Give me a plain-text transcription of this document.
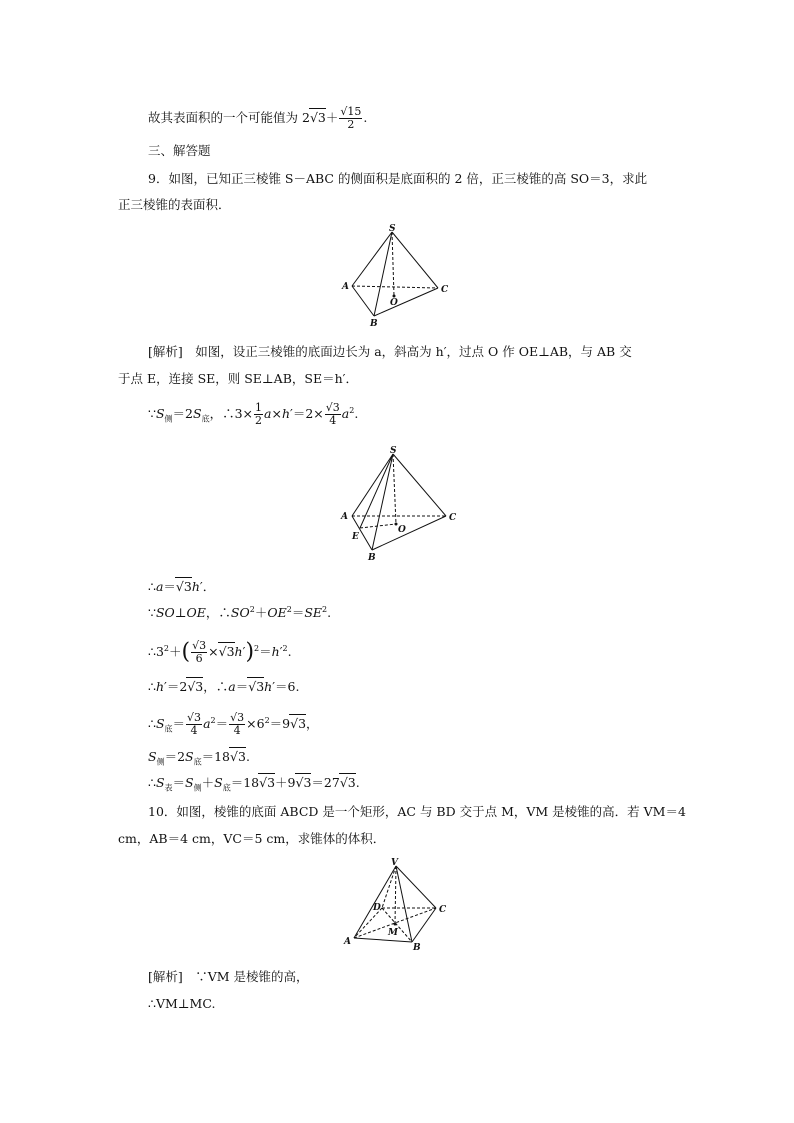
故其表面积的一个可能值为 2√ $3+ \frac{√15}{2}$ .
三、解答题
9．如图，已知正三棱锥 S－ABC 的侧面积是底面积的 2 倍，正三棱锥的高 SO＝3，求此
正三棱锥的表面积．
S
A
B
C
O
[解析]　如图，设正三棱锥的底面边长为 a，斜高为 h′，过点 O 作 OE⊥AB，与 AB 交
于点 E，连接 SE，则 SE⊥AB，SE＝h′．
$\because S_侧=2S_底$，∴3× $\frac{1}{2} a\times h'=2\times \frac{√3}{4} a^2$.
S
A
B
C
O
E
∴a＝√ 3h′．
∵SO⊥OE，$\therefore SO^2+OE^2=SE^2$.
$\therefore 3^2+( \frac{√3}{6}$ ×√ $3h')^2=h'^2$.
∴h′＝2√ 3，∴a＝√ 3h′＝6.
$\therefore S_底= \frac{√3}{4} a^2= \frac{√3}{4} \times 6^2=9√$ 3，
$S_侧=2S_底=18√$ 3.
$\therefore S_表=S_侧+S_底=18√$ 3＋9√ 3＝27√ 3.
10．如图，棱锥的底面 ABCD 是一个矩形，AC 与 BD 交于点 M，VM 是棱锥的高．若 VM＝4
cm，AB＝4 cm，VC＝5 cm，求锥体的体积．
V
A
B
C
D
M
[解析]　∵VM 是棱锥的高，
∴VM⊥MC.
